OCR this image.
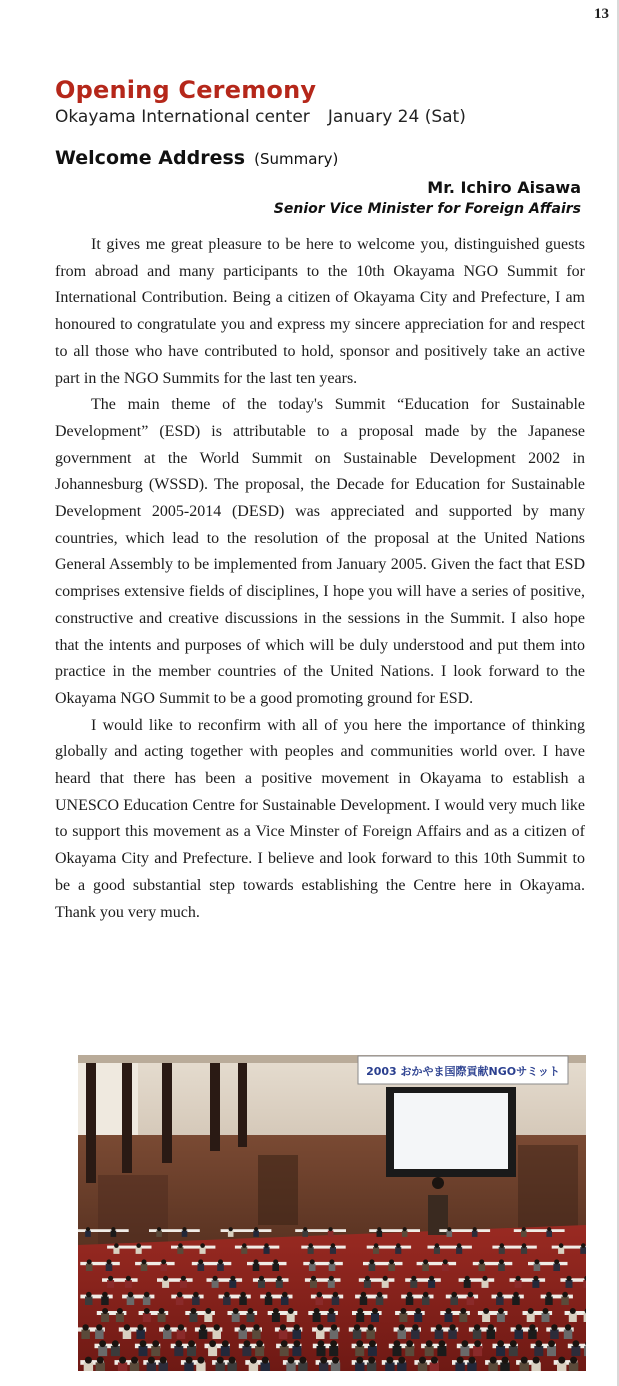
13
Opening Ceremony
Okayama International center January 24 (Sat)
Welcome Address (Summary)
Mr. Ichiro Aisawa
Senior Vice Minister for Foreign Affairs

It gives me great pleasure to be here to welcome you, distinguished guests from abroad and many participants to the 10th Okayama NGO Summit for International Contribution. Being a citizen of Okayama City and Prefecture, I am honoured to congratulate you and express my sincere appreciation for and respect to all those who have contributed to hold, sponsor and positively take an active part in the NGO Summits for the last ten years.

The main theme of the today's Summit “Education for Sustainable Development” (ESD) is attributable to a proposal made by the Japanese government at the World Summit on Sustainable Development 2002 in Johannesburg (WSSD). The proposal, the Decade for Education for Sustainable Development 2005-2014 (DESD) was appreciated and supported by many countries, which lead to the resolution of the proposal at the United Nations General Assembly to be implemented from January 2005. Given the fact that ESD comprises extensive fields of disciplines, I hope you will have a series of positive, constructive and creative discussions in the sessions in the Summit. I also hope that the intents and purposes of which will be duly understood and put them into practice in the member countries of the United Nations. I look forward to the Okayama NGO Summit to be a good promoting ground for ESD.

I would like to reconfirm with all of you here the importance of thinking globally and acting together with peoples and communities world over. I have heard that there has been a positive movement in Okayama to establish a UNESCO Education Centre for Sustainable Development. I would very much like to support this movement as a Vice Minster of Foreign Affairs and as a citizen of Okayama City and Prefecture. I believe and look forward to this 10th Summit to be a good substantial step towards establishing the Centre here in Okayama. Thank you very much.

2003 おかやま国際貢献NGOサミット
